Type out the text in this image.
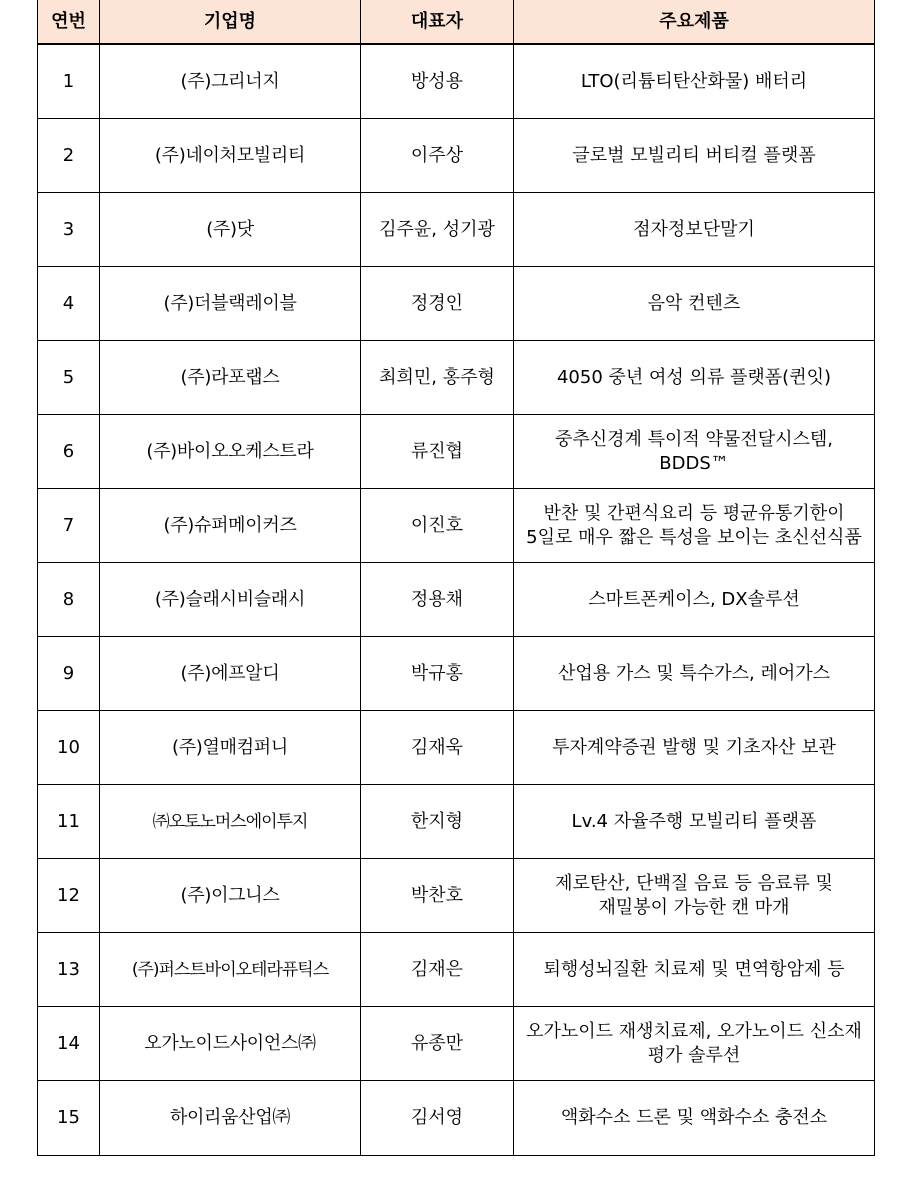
연번	기업명	대표자	주요제품
1	(주)그리너지	방성용	LTO(리튬티탄산화물) 배터리
2	(주)네이처모빌리티	이주상	글로벌 모빌리티 버티컬 플랫폼
3	(주)닷	김주윤, 성기광	점자정보단말기
4	(주)더블랙레이블	정경인	음악 컨텐츠
5	(주)라포랩스	최희민, 홍주형	4050 중년 여성 의류 플랫폼(퀸잇)
6	(주)바이오오케스트라	류진협	중추신경계 특이적 약물전달시스템, BDDS™
7	(주)슈퍼메이커즈	이진호	반찬 및 간편식요리 등 평균유통기한이 5일로 매우 짧은 특성을 보이는 초신선식품
8	(주)슬래시비슬래시	정용채	스마트폰케이스, DX솔루션
9	(주)에프알디	박규홍	산업용 가스 및 특수가스, 레어가스
10	(주)열매컴퍼니	김재욱	투자계약증권 발행 및 기초자산 보관
11	㈜오토노머스에이투지	한지형	Lv.4 자율주행 모빌리티 플랫폼
12	(주)이그니스	박찬호	제로탄산, 단백질 음료 등 음료류 및 재밀봉이 가능한 캔 마개
13	(주)퍼스트바이오테라퓨틱스	김재은	퇴행성뇌질환 치료제 및 면역항암제 등
14	오가노이드사이언스㈜	유종만	오가노이드 재생치료제, 오가노이드 신소재 평가 솔루션
15	하이리움산업㈜	김서영	액화수소 드론 및 액화수소 충전소
